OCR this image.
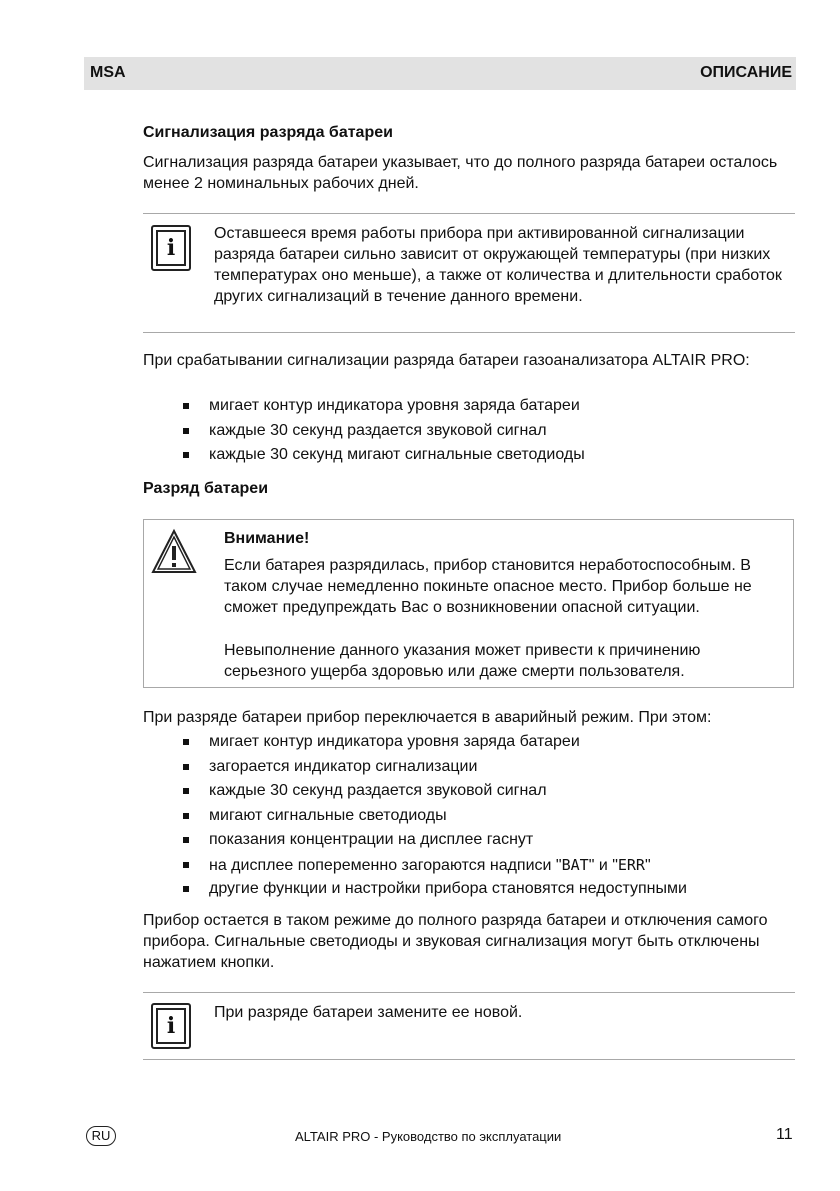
MSA	ОПИСАНИЕ
Сигнализация разряда батареи
Сигнализация разряда батареи указывает, что до полного разряда батареи осталось менее 2 номинальных рабочих дней.
i
Оставшееся время работы прибора при активированной сигнализации разряда батареи сильно зависит от окружающей температуры (при низких температурах оно меньше), а также от количества и длительности сработок других сигнализаций в течение данного времени.
При срабатывании сигнализации разряда батареи газоанализатора ALTAIR PRO:
мигает контур индикатора уровня заряда батареи
каждые 30 секунд раздается звуковой сигнал
каждые 30 секунд мигают сигнальные светодиоды
Разряд батареи
Внимание!
Если батарея разрядилась, прибор становится неработоспособным. В таком случае немедленно покиньте опасное место. Прибор больше не сможет предупреждать Вас о возникновении опасной ситуации.
Невыполнение данного указания может привести к причинению серьезного ущерба здоровью или даже смерти пользователя.
При разряде батареи прибор переключается в аварийный режим. При этом:
мигает контур индикатора уровня заряда батареи
загорается индикатор сигнализации
каждые 30 секунд раздается звуковой сигнал
мигают сигнальные светодиоды
показания концентрации на дисплее гаснут
на дисплее попеременно загораются надписи "BAT" и "ERR"
другие функции и настройки прибора становятся недоступными
Прибор остается в таком режиме до полного разряда батареи и отключения самого прибора. Сигнальные светодиоды и звуковая сигнализация могут быть отключены нажатием кнопки.
i
При разряде батареи замените ее новой.
RU	ALTAIR PRO - Руководство по эксплуатации	11
